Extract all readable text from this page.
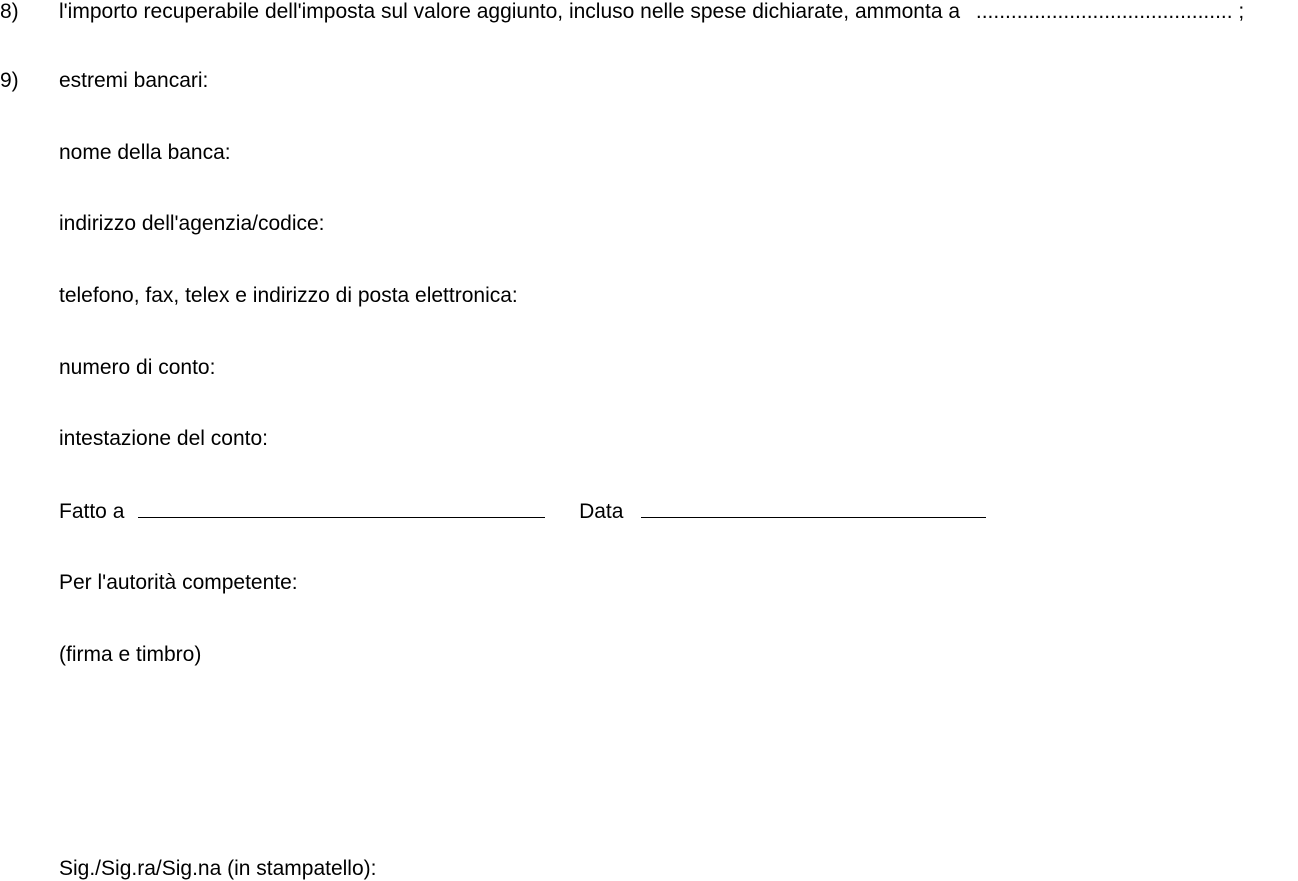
8) l'importo recuperabile dell'imposta sul valore aggiunto, incluso nelle spese dichiarate, ammonta a ............................................ ;
9) estremi bancari:
nome della banca:
indirizzo dell'agenzia/codice:
telefono, fax, telex e indirizzo di posta elettronica:
numero di conto:
intestazione del conto:
Fatto a	Data
Per l'autorità competente:
(firma e timbro)
Sig./Sig.ra/Sig.na (in stampatello):
